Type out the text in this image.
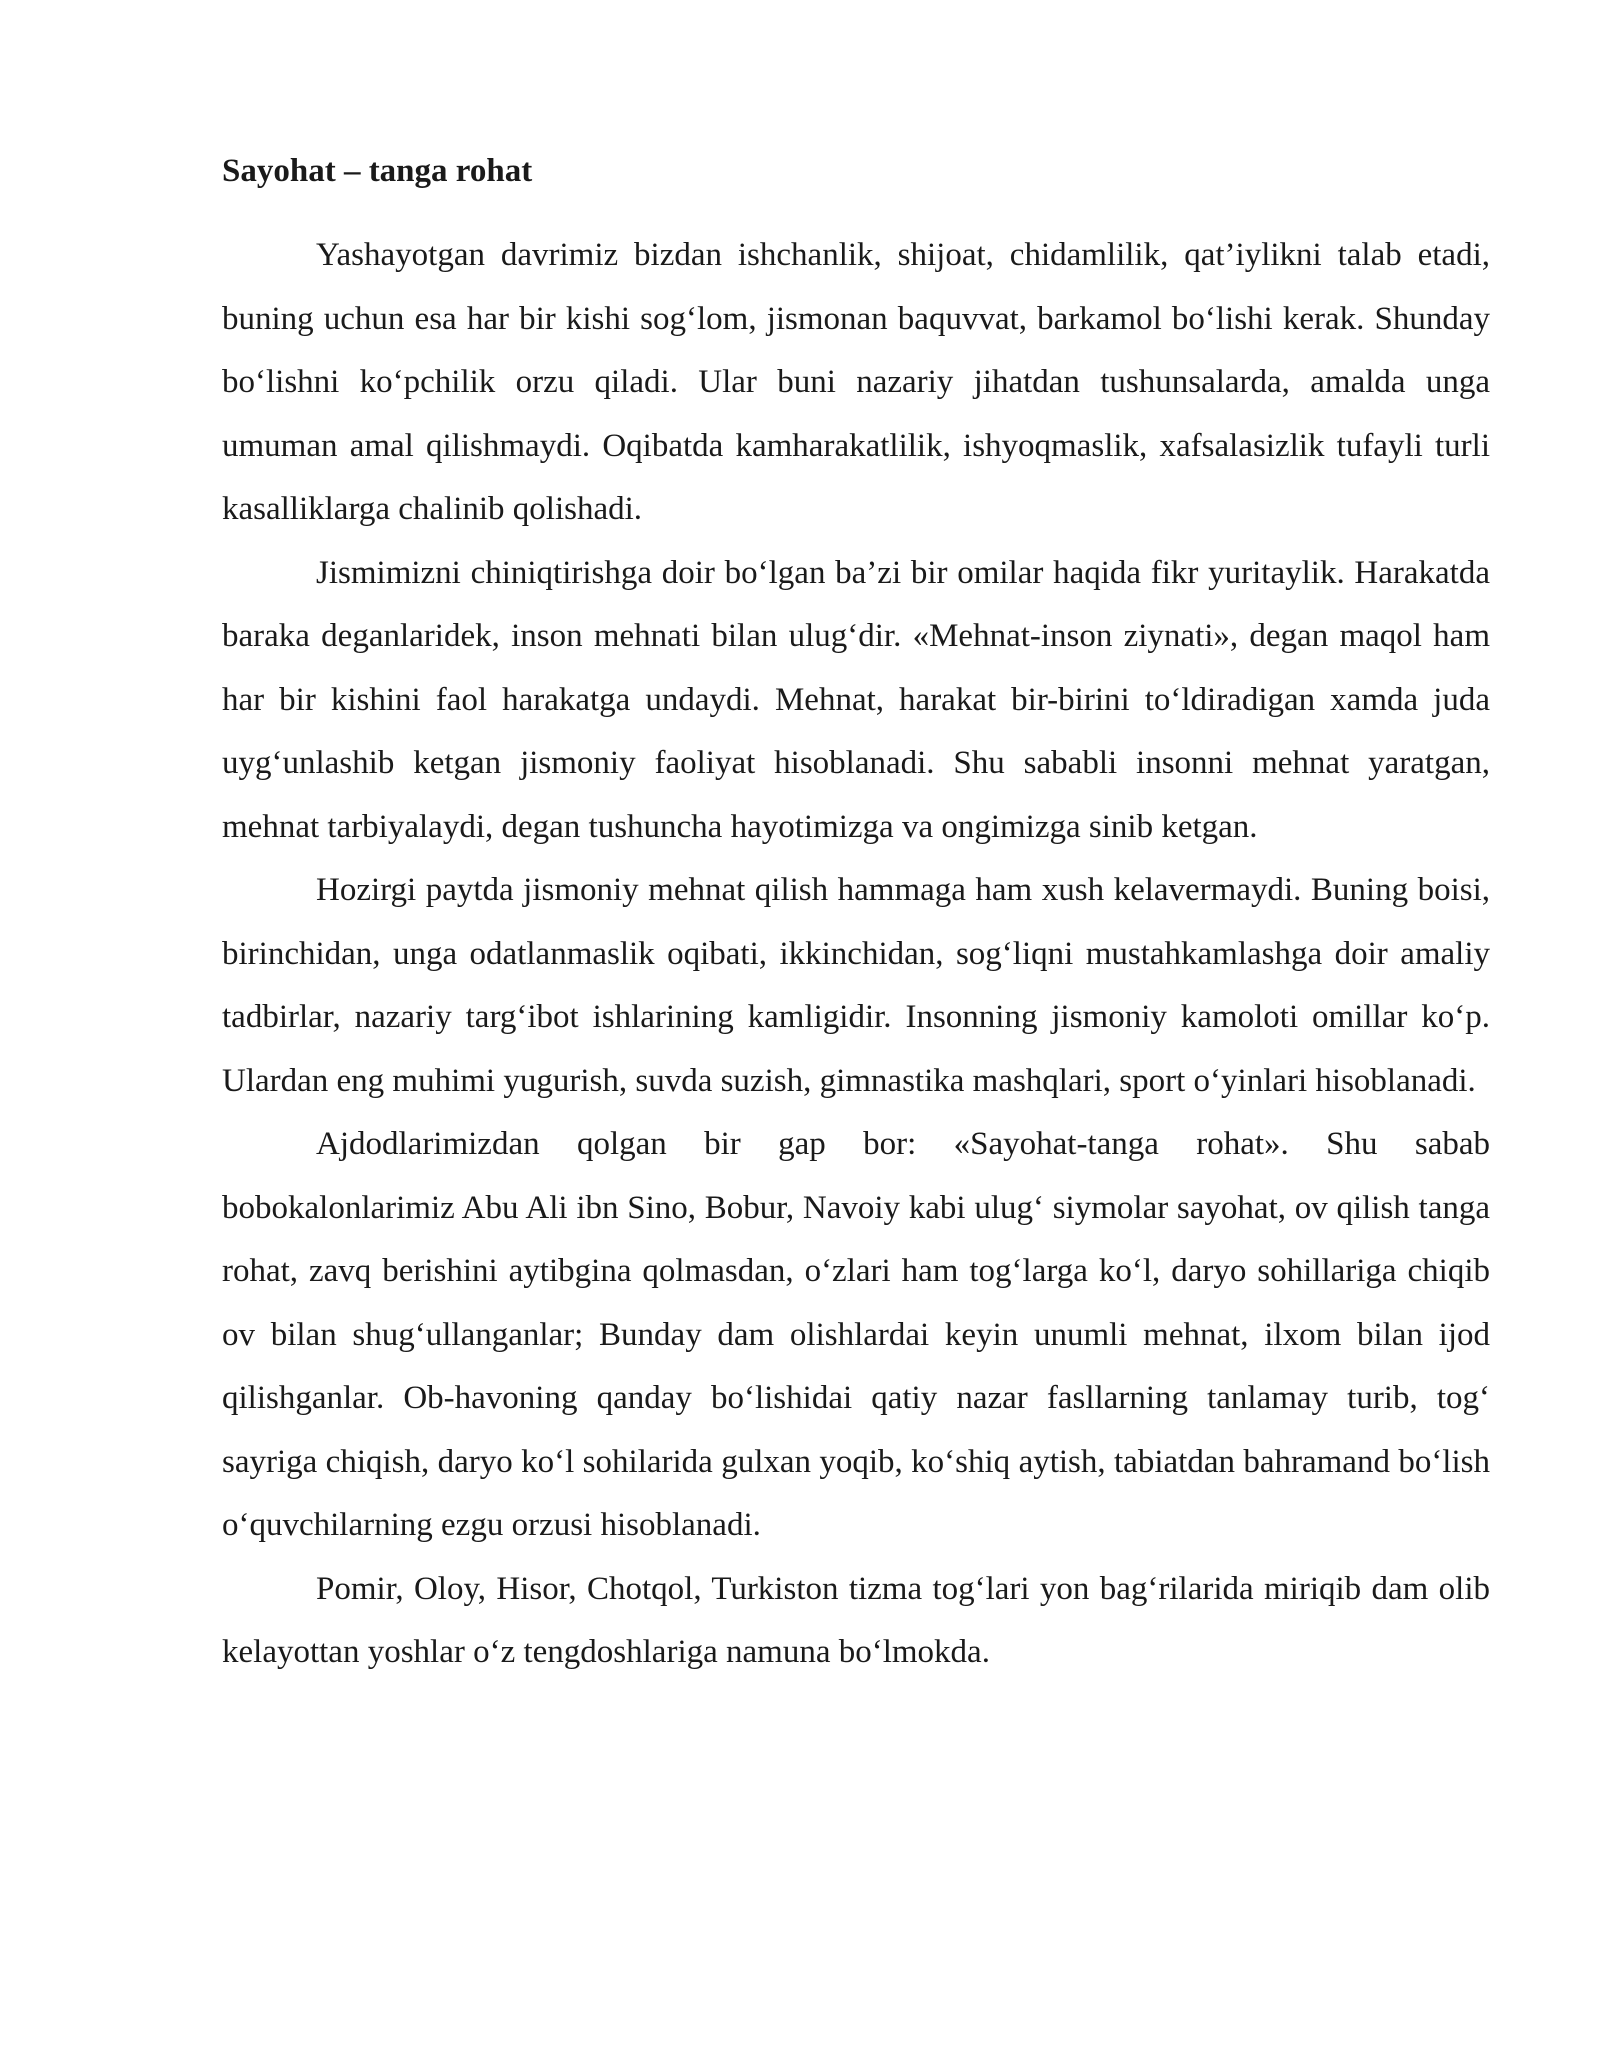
Sayohat – tanga rohat

Yashayotgan davrimiz bizdan ishchanlik, shijoat, chidamlilik, qat’iylikni talab etadi, buning uchun esa har bir kishi sog‘lom, jismonan baquvvat, barkamol bo‘lishi kerak. Shunday bo‘lishni ko‘pchilik orzu qiladi. Ular buni nazariy jihatdan tushunsalarda, amalda unga umuman amal qilishmaydi. Oqibatda kamharakatlilik, ishyoqmaslik, xafsalasizlik tufayli turli kasalliklarga chalinib qolishadi.

Jismimizni chiniqtirishga doir bo‘lgan ba’zi bir omilar haqida fikr yuritaylik. Harakatda baraka deganlaridek, inson mehnati bilan ulug‘dir. «Mehnat-inson ziynati», degan maqol ham har bir kishini faol harakatga undaydi. Mehnat, harakat bir-birini to‘ldiradigan xamda juda uyg‘unlashib ketgan jismoniy faoliyat hisoblanadi. Shu sababli insonni mehnat yaratgan, mehnat tarbiyalaydi, degan tushuncha hayotimizga va ongimizga sinib ketgan.

Hozirgi paytda jismoniy mehnat qilish hammaga ham xush kelavermaydi. Buning boisi, birinchidan, unga odatlanmaslik oqibati, ikkinchidan, sog‘liqni mustahkamlashga doir amaliy tadbirlar, nazariy targ‘ibot ishlarining kamligidir. Insonning jismoniy kamoloti omillar ko‘p. Ulardan eng muhimi yugurish, suvda suzish, gimnastika mashqlari, sport o‘yinlari hisoblanadi.

Ajdodlarimizdan qolgan bir gap bor: «Sayohat-tanga rohat». Shu sabab bobokalonlarimiz Abu Ali ibn Sino, Bobur, Navoiy kabi ulug‘ siymolar sayohat, ov qilish tanga rohat, zavq berishini aytibgina qolmasdan, o‘zlari ham tog‘larga ko‘l, daryo sohillariga chiqib ov bilan shug‘ullanganlar; Bunday dam olishlardai keyin unumli mehnat, ilxom bilan ijod qilishganlar. Ob-havoning qanday bo‘lishidai qatiy nazar fasllarning tanlamay turib, tog‘ sayriga chiqish, daryo ko‘l sohilarida gulxan yoqib, ko‘shiq aytish, tabiatdan bahramand bo‘lish o‘quvchilarning ezgu orzusi hisoblanadi.

Pomir, Oloy, Hisor, Chotqol, Turkiston tizma tog‘lari yon bag‘rilarida miriqib dam olib kelayottan yoshlar o‘z tengdoshlariga namuna bo‘lmokda.
